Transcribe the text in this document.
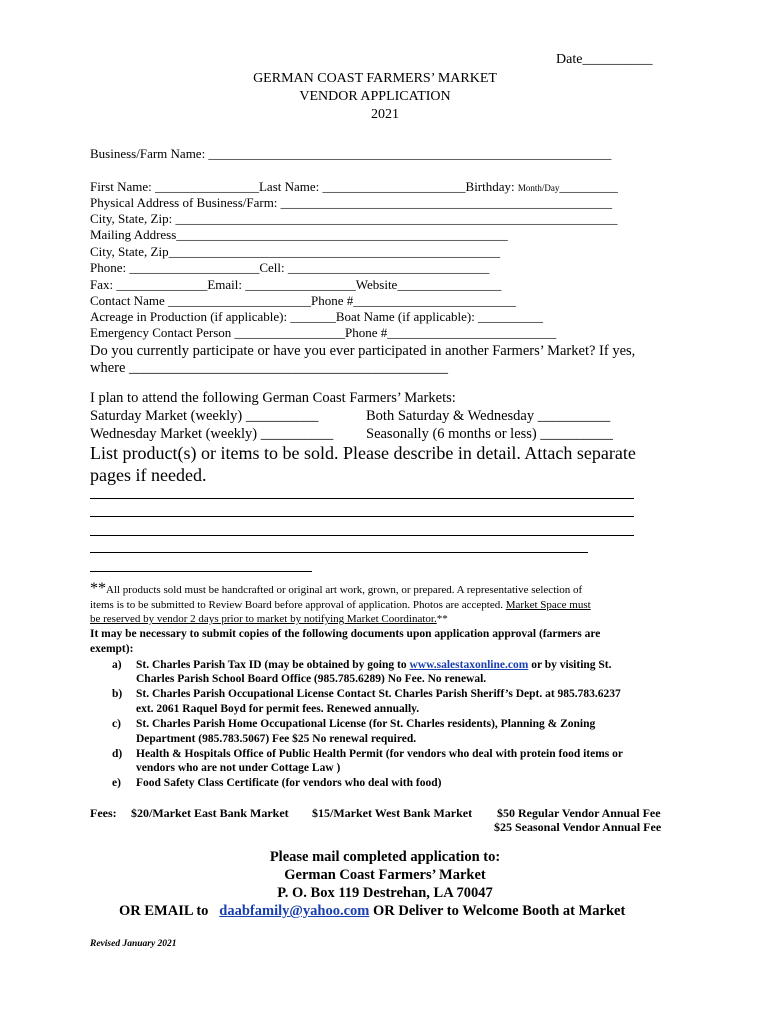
Date__________
GERMAN COAST FARMERS’ MARKET
VENDOR APPLICATION
2021
Business/Farm Name: ______________________________________________________________
First Name: ________________Last Name: ______________________Birthday: Month/Day_________
Physical Address of Business/Farm: ___________________________________________________
City, State, Zip: ____________________________________________________________________
Mailing Address___________________________________________________
City, State, Zip___________________________________________________
Phone: ____________________Cell: _______________________________
Fax: ______________Email: _________________Website________________
Contact Name ______________________Phone #_________________________
Acreage in Production (if applicable): _______Boat Name (if applicable): __________
Emergency Contact Person _________________Phone #__________________________
Do you currently participate or have you ever participated in another Farmers’ Market? If yes,
where ____________________________________________
I plan to attend the following German Coast Farmers’ Markets:
Saturday Market (weekly) __________	Both Saturday & Wednesday __________
Wednesday Market (weekly) __________ Seasonally (6 months or less) __________
List product(s) or items to be sold. Please describe in detail. Attach separate
pages if needed.
**All products sold must be handcrafted or original art work, grown, or prepared. A representative selection of
items is to be submitted to Review Board before approval of application. Photos are accepted. Market Space must
be reserved by vendor 2 days prior to market by notifying Market Coordinator.**
It may be necessary to submit copies of the following documents upon application approval (farmers are
exempt):
a) St. Charles Parish Tax ID (may be obtained by going to www.salestaxonline.com or by visiting St.
Charles Parish School Board Office (985.785.6289) No Fee. No renewal.
b) St. Charles Parish Occupational License Contact St. Charles Parish Sheriff’s Dept. at 985.783.6237
ext. 2061 Raquel Boyd for permit fees. Renewed annually.
c) St. Charles Parish Home Occupational License (for St. Charles residents), Planning & Zoning
Department (985.783.5067) Fee $25 No renewal required.
d) Health & Hospitals Office of Public Health Permit (for vendors who deal with protein food items or
vendors who are not under Cottage Law )
e) Food Safety Class Certificate (for vendors who deal with food)
Fees: $20/Market East Bank Market $15/Market West Bank Market $50 Regular Vendor Annual Fee
$25 Seasonal Vendor Annual Fee
Please mail completed application to:
German Coast Farmers’ Market
P. O. Box 119 Destrehan, LA 70047
OR EMAIL to daabfamily@yahoo.com OR Deliver to Welcome Booth at Market
Revised January 2021
